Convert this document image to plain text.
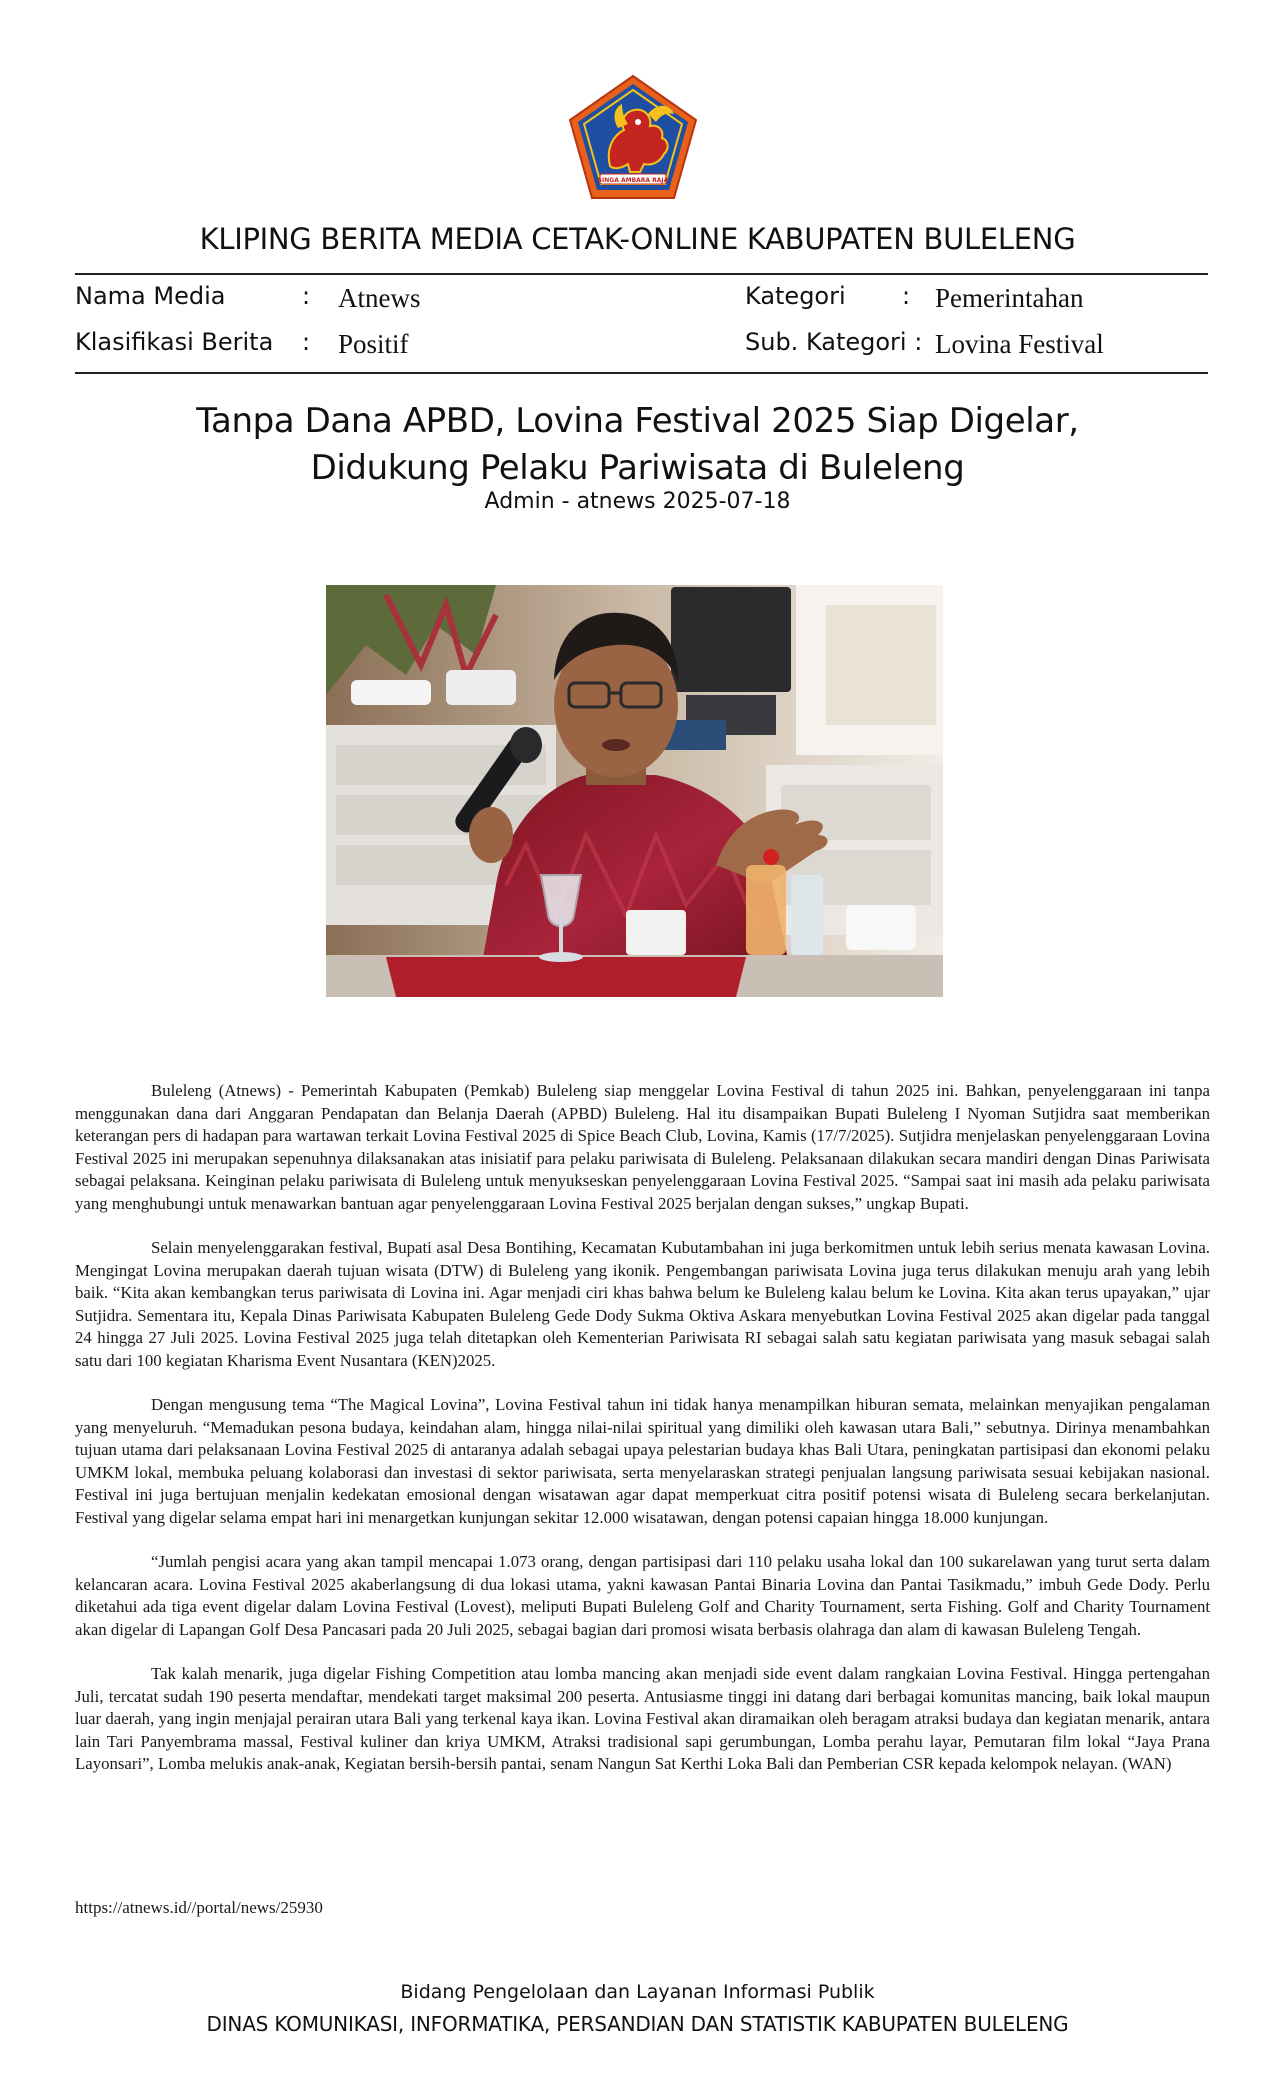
SINGA AMBARA RAJA
KLIPING BERITA MEDIA CETAK-ONLINE KABUPATEN BULELENG
Nama Media	: Atnews	Kategori : Pemerintahan
Klasifikasi Berita : Positif	Sub. Kategori : Lovina Festival
Tanpa Dana APBD, Lovina Festival 2025 Siap Digelar,
Didukung Pelaku Pariwisata di Buleleng
Admin - atnews 2025-07-18

Buleleng (Atnews) - Pemerintah Kabupaten (Pemkab) Buleleng siap menggelar Lovina Festival di tahun 2025 ini. Bahkan, penyelenggaraan ini tanpa menggunakan dana dari Anggaran Pendapatan dan Belanja Daerah (APBD) Buleleng. Hal itu disampaikan Bupati Buleleng I Nyoman Sutjidra saat memberikan keterangan pers di hadapan para wartawan terkait Lovina Festival 2025 di Spice Beach Club, Lovina, Kamis (17/7/2025). Sutjidra menjelaskan penyelenggaraan Lovina Festival 2025 ini merupakan sepenuhnya dilaksanakan atas inisiatif para pelaku pariwisata di Buleleng. Pelaksanaan dilakukan secara mandiri dengan Dinas Pariwisata sebagai pelaksana. Keinginan pelaku pariwisata di Buleleng untuk menyukseskan penyelenggaraan Lovina Festival 2025. “Sampai saat ini masih ada pelaku pariwisata yang menghubungi untuk menawarkan bantuan agar penyelenggaraan Lovina Festival 2025 berjalan dengan sukses,” ungkap Bupati.

Selain menyelenggarakan festival, Bupati asal Desa Bontihing, Kecamatan Kubutambahan ini juga berkomitmen untuk lebih serius menata kawasan Lovina. Mengingat Lovina merupakan daerah tujuan wisata (DTW) di Buleleng yang ikonik. Pengembangan pariwisata Lovina juga terus dilakukan menuju arah yang lebih baik. “Kita akan kembangkan terus pariwisata di Lovina ini. Agar menjadi ciri khas bahwa belum ke Buleleng kalau belum ke Lovina. Kita akan terus upayakan,” ujar Sutjidra. Sementara itu, Kepala Dinas Pariwisata Kabupaten Buleleng Gede Dody Sukma Oktiva Askara menyebutkan Lovina Festival 2025 akan digelar pada tanggal 24 hingga 27 Juli 2025. Lovina Festival 2025 juga telah ditetapkan oleh Kementerian Pariwisata RI sebagai salah satu kegiatan pariwisata yang masuk sebagai salah satu dari 100 kegiatan Kharisma Event Nusantara (KEN)2025.

Dengan mengusung tema “The Magical Lovina”, Lovina Festival tahun ini tidak hanya menampilkan hiburan semata, melainkan menyajikan pengalaman yang menyeluruh. “Memadukan pesona budaya, keindahan alam, hingga nilai-nilai spiritual yang dimiliki oleh kawasan utara Bali,” sebutnya. Dirinya menambahkan tujuan utama dari pelaksanaan Lovina Festival 2025 di antaranya adalah sebagai upaya pelestarian budaya khas Bali Utara, peningkatan partisipasi dan ekonomi pelaku UMKM lokal, membuka peluang kolaborasi dan investasi di sektor pariwisata, serta menyelaraskan strategi penjualan langsung pariwisata sesuai kebijakan nasional. Festival ini juga bertujuan menjalin kedekatan emosional dengan wisatawan agar dapat memperkuat citra positif potensi wisata di Buleleng secara berkelanjutan. Festival yang digelar selama empat hari ini menargetkan kunjungan sekitar 12.000 wisatawan, dengan potensi capaian hingga 18.000 kunjungan.

“Jumlah pengisi acara yang akan tampil mencapai 1.073 orang, dengan partisipasi dari 110 pelaku usaha lokal dan 100 sukarelawan yang turut serta dalam kelancaran acara. Lovina Festival 2025 akaberlangsung di dua lokasi utama, yakni kawasan Pantai Binaria Lovina dan Pantai Tasikmadu,” imbuh Gede Dody. Perlu diketahui ada tiga event digelar dalam Lovina Festival (Lovest), meliputi Bupati Buleleng Golf and Charity Tournament, serta Fishing. Golf and Charity Tournament akan digelar di Lapangan Golf Desa Pancasari pada 20 Juli 2025, sebagai bagian dari promosi wisata berbasis olahraga dan alam di kawasan Buleleng Tengah.

Tak kalah menarik, juga digelar Fishing Competition atau lomba mancing akan menjadi side event dalam rangkaian Lovina Festival. Hingga pertengahan Juli, tercatat sudah 190 peserta mendaftar, mendekati target maksimal 200 peserta. Antusiasme tinggi ini datang dari berbagai komunitas mancing, baik lokal maupun luar daerah, yang ingin menjajal perairan utara Bali yang terkenal kaya ikan. Lovina Festival akan diramaikan oleh beragam atraksi budaya dan kegiatan menarik, antara lain Tari Panyembrama massal, Festival kuliner dan kriya UMKM, Atraksi tradisional sapi gerumbungan, Lomba perahu layar, Pemutaran film lokal “Jaya Prana Layonsari”, Lomba melukis anak-anak, Kegiatan bersih-bersih pantai, senam Nangun Sat Kerthi Loka Bali dan Pemberian CSR kepada kelompok nelayan. (WAN)

https://atnews.id//portal/news/25930
Bidang Pengelolaan dan Layanan Informasi Publik
DINAS KOMUNIKASI, INFORMATIKA, PERSANDIAN DAN STATISTIK KABUPATEN BULELENG
